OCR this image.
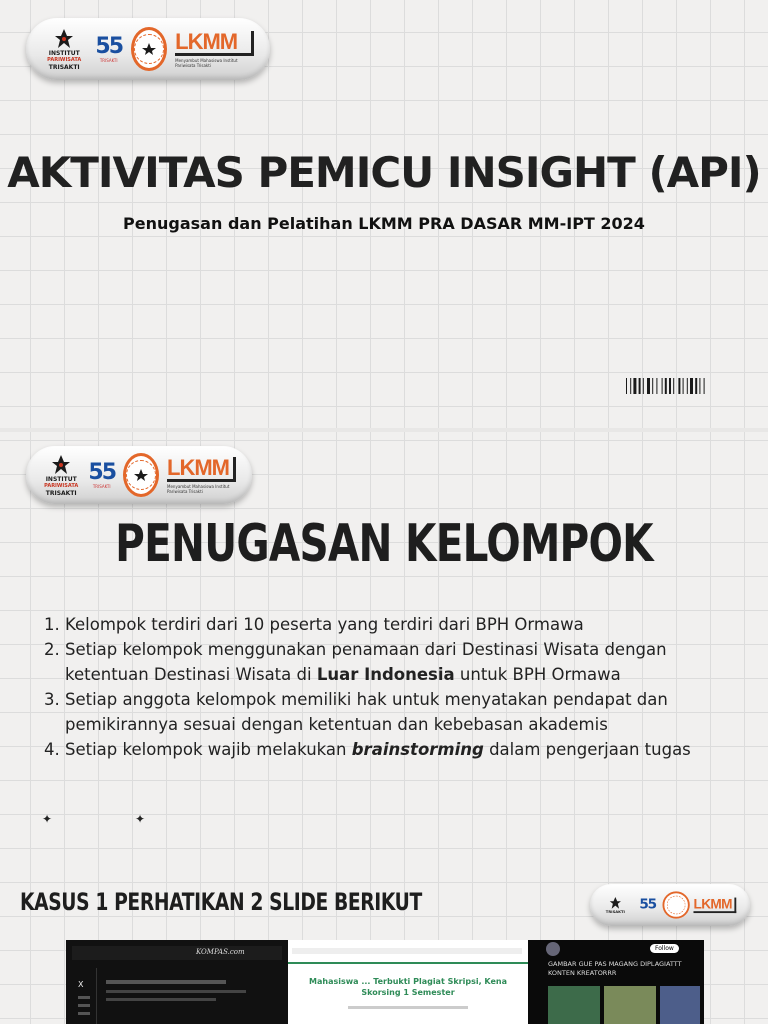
INSTITUT
PARIWISATA
TRISAKTI
55
TRISAKTI
LKMM
Menyambut Mahasiswa Institut Pariwisata Trisakti
AKTIVITAS PEMICU INSIGHT (API)

Penugasan dan Pelatihan LKMM PRA DASAR MM-IPT 2024

INSTITUT
PARIWISATA
TRISAKTI
55
TRISAKTI
LKMM
Menyambut Mahasiswa Institut Pariwisata Trisakti
PENUGASAN KELOMPOK
1. Kelompok terdiri dari 10 peserta yang terdiri dari BPH Ormawa
2. Setiap kelompok menggunakan penamaan dari Destinasi Wisata dengan ketentuan Destinasi Wisata di Luar Indonesia untuk BPH Ormawa
3. Setiap anggota kelompok memiliki hak untuk menyatakan pendapat dan pemikirannya sesuai dengan ketentuan dan kebebasan akademis
4. Setiap kelompok wajib melakukan brainstorming dalam pengerjaan tugas
✦	✦
KASUS 1 PERHATIKAN 2 SLIDE BERIKUT	TRISAKTI 55 LKMM
KOMPAS.com
X	Mahasiswa ... Terbukti Plagiat Skripsi, Kena Skorsing 1 Semester

Follow

GAMBAR GUE PAS MAGANG DIPLAGIATTT KONTEN KREATORRR
